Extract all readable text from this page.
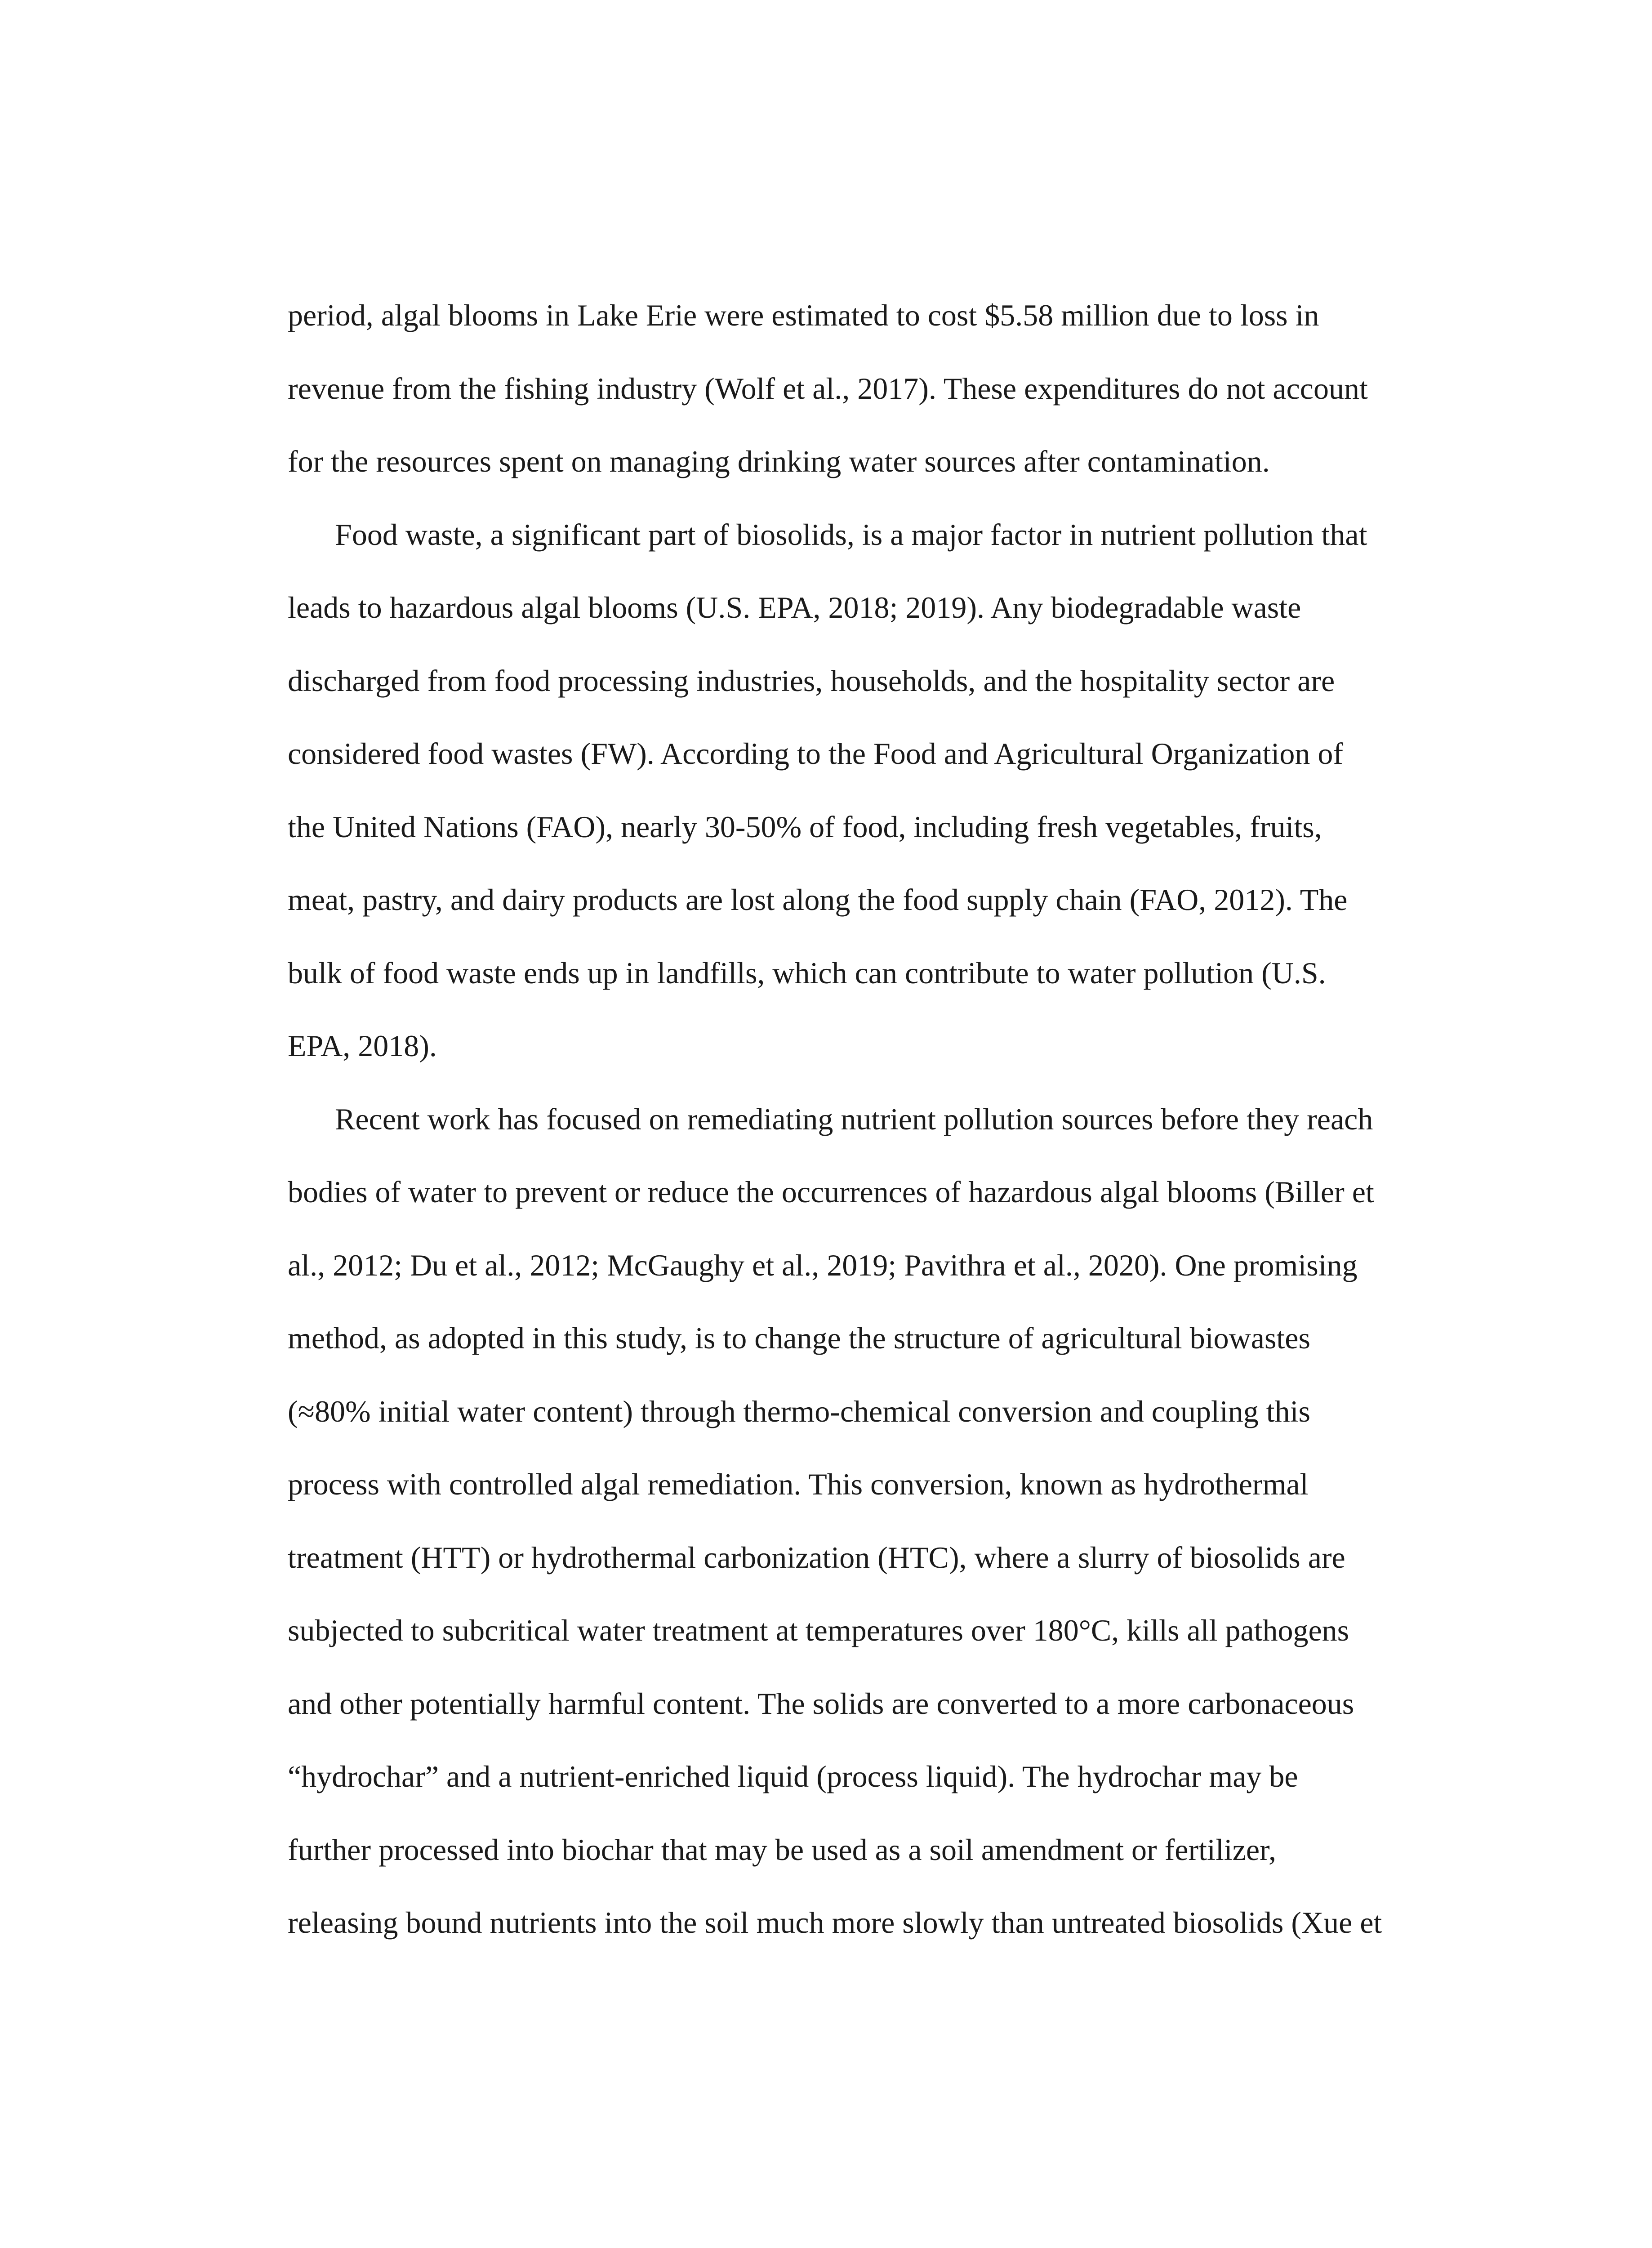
period, algal blooms in Lake Erie were estimated to cost $5.58 million due to loss in
revenue from the fishing industry (Wolf et al., 2017). These expenditures do not account
for the resources spent on managing drinking water sources after contamination.
Food waste, a significant part of biosolids, is a major factor in nutrient pollution that
leads to hazardous algal blooms (U.S. EPA, 2018; 2019). Any biodegradable waste
discharged from food processing industries, households, and the hospitality sector are
considered food wastes (FW). According to the Food and Agricultural Organization of
the United Nations (FAO), nearly 30-50% of food, including fresh vegetables, fruits,
meat, pastry, and dairy products are lost along the food supply chain (FAO, 2012). The
bulk of food waste ends up in landfills, which can contribute to water pollution (U.S.
EPA, 2018).
Recent work has focused on remediating nutrient pollution sources before they reach
bodies of water to prevent or reduce the occurrences of hazardous algal blooms (Biller et
al., 2012; Du et al., 2012; McGaughy et al., 2019; Pavithra et al., 2020). One promising
method, as adopted in this study, is to change the structure of agricultural biowastes
(≈80% initial water content) through thermo-chemical conversion and coupling this
process with controlled algal remediation. This conversion, known as hydrothermal
treatment (HTT) or hydrothermal carbonization (HTC), where a slurry of biosolids are
subjected to subcritical water treatment at temperatures over 180°C, kills all pathogens
and other potentially harmful content. The solids are converted to a more carbonaceous
“hydrochar” and a nutrient-enriched liquid (process liquid). The hydrochar may be
further processed into biochar that may be used as a soil amendment or fertilizer,
releasing bound nutrients into the soil much more slowly than untreated biosolids (Xue et
